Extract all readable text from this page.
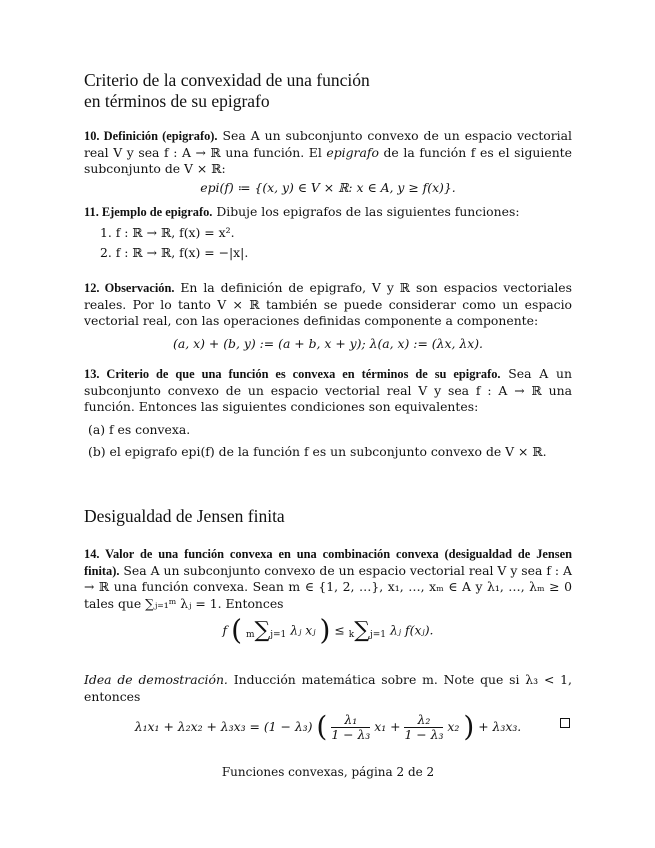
Criterio de la convexidad de una función
en términos de su epigrafo
10. Definición (epigrafo). Sea A un subconjunto convexo de un espacio vectorial real V y sea f : A → ℝ una función. El epigrafo de la función f es el siguiente subconjunto de V × ℝ:
epi(f) ≔ {(x, y) ∈ V × ℝ: x ∈ A, y ≥ f(x)}.
11. Ejemplo de epigrafo. Dibuje los epigrafos de las siguientes funciones:
1. f : ℝ → ℝ, f(x) = x².
2. f : ℝ → ℝ, f(x) = −|x|.
12. Observación. En la definición de epigrafo, V y ℝ son espacios vectoriales reales. Por lo tanto V × ℝ también se puede considerar como un espacio vectorial real, con las operaciones definidas componente a componente:
(a, x) + (b, y) := (a + b, x + y); λ(a, x) := (λx, λx).
13. Criterio de que una función es convexa en términos de su epigrafo. Sea A un subconjunto convexo de un espacio vectorial real V y sea f : A → ℝ una función. Entonces las siguientes condiciones son equivalentes:
(a) f es convexa.
(b) el epigrafo epi(f) de la función f es un subconjunto convexo de V × ℝ.
Desigualdad de Jensen finita
14. Valor de una función convexa en una combinación convexa (desigualdad de Jensen finita). Sea A un subconjunto convexo de un espacio vectorial real V y sea f : A → ℝ una función convexa. Sean m ∈ {1, 2, …}, x₁, …, xₘ ∈ A y λ₁, …, λₘ ≥ 0 tales que ∑ⱼ₌₁ᵐ λⱼ = 1. Entonces
f ( m∑j=1 λⱼ xⱼ ) ≤ k∑j=1 λⱼ f(xⱼ).
Idea de demostración. Inducción matemática sobre m. Note que si λ₃ < 1, entonces
λ₁x₁ + λ₂x₂ + λ₃x₃ = (1 − λ₃) ( $\frac{\text{λ₁}}{\text{1 − λ₃}} x_1 + \frac{\text{λ₂}}{\text{1 − λ₃}} x_2$ ) + λ₃x₃.
Funciones convexas, página 2 de 2
